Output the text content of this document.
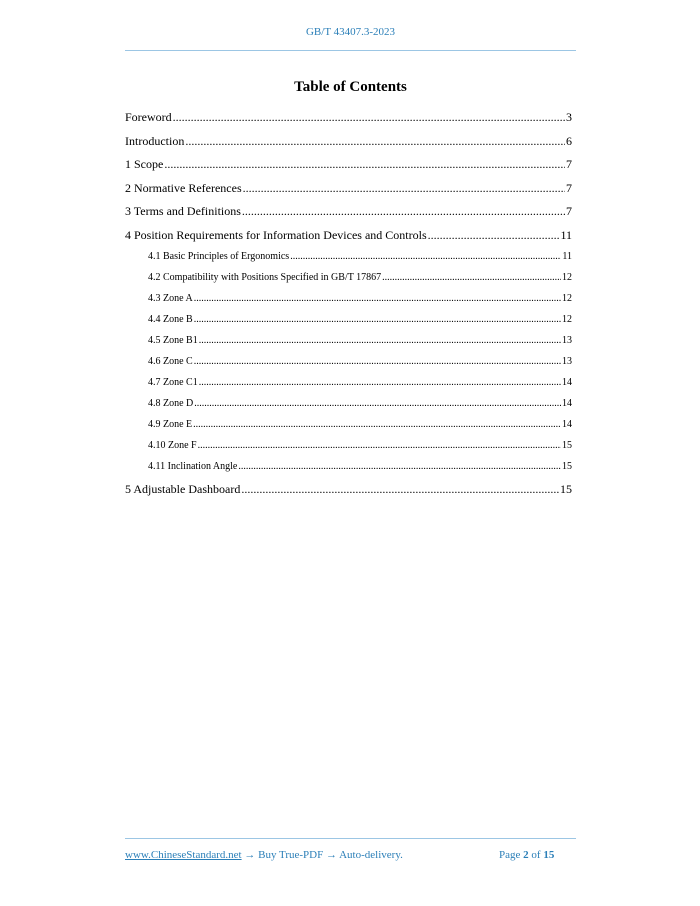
GB/T 43407.3-2023
Table of Contents
Foreword .....	3
Introduction .....	6
1 Scope .....	7
2 Normative References .....	7
3 Terms and Definitions .....	7
4 Position Requirements for Information Devices and Controls .....	11
4.1 Basic Principles of Ergonomics .....	11
4.2 Compatibility with Positions Specified in GB/T 17867 .....	12
4.3 Zone A .....	12
4.4 Zone B .....	12
4.5 Zone B1 .....	13
4.6 Zone C .....	13
4.7 Zone C1 .....	14
4.8 Zone D .....	14
4.9 Zone E .....	14
4.10 Zone F .....	15
4.11 Inclination Angle .....	15
5 Adjustable Dashboard .....	15
www.ChineseStandard.net → Buy True-PDF → Auto-delivery.	Page 2 of 15
